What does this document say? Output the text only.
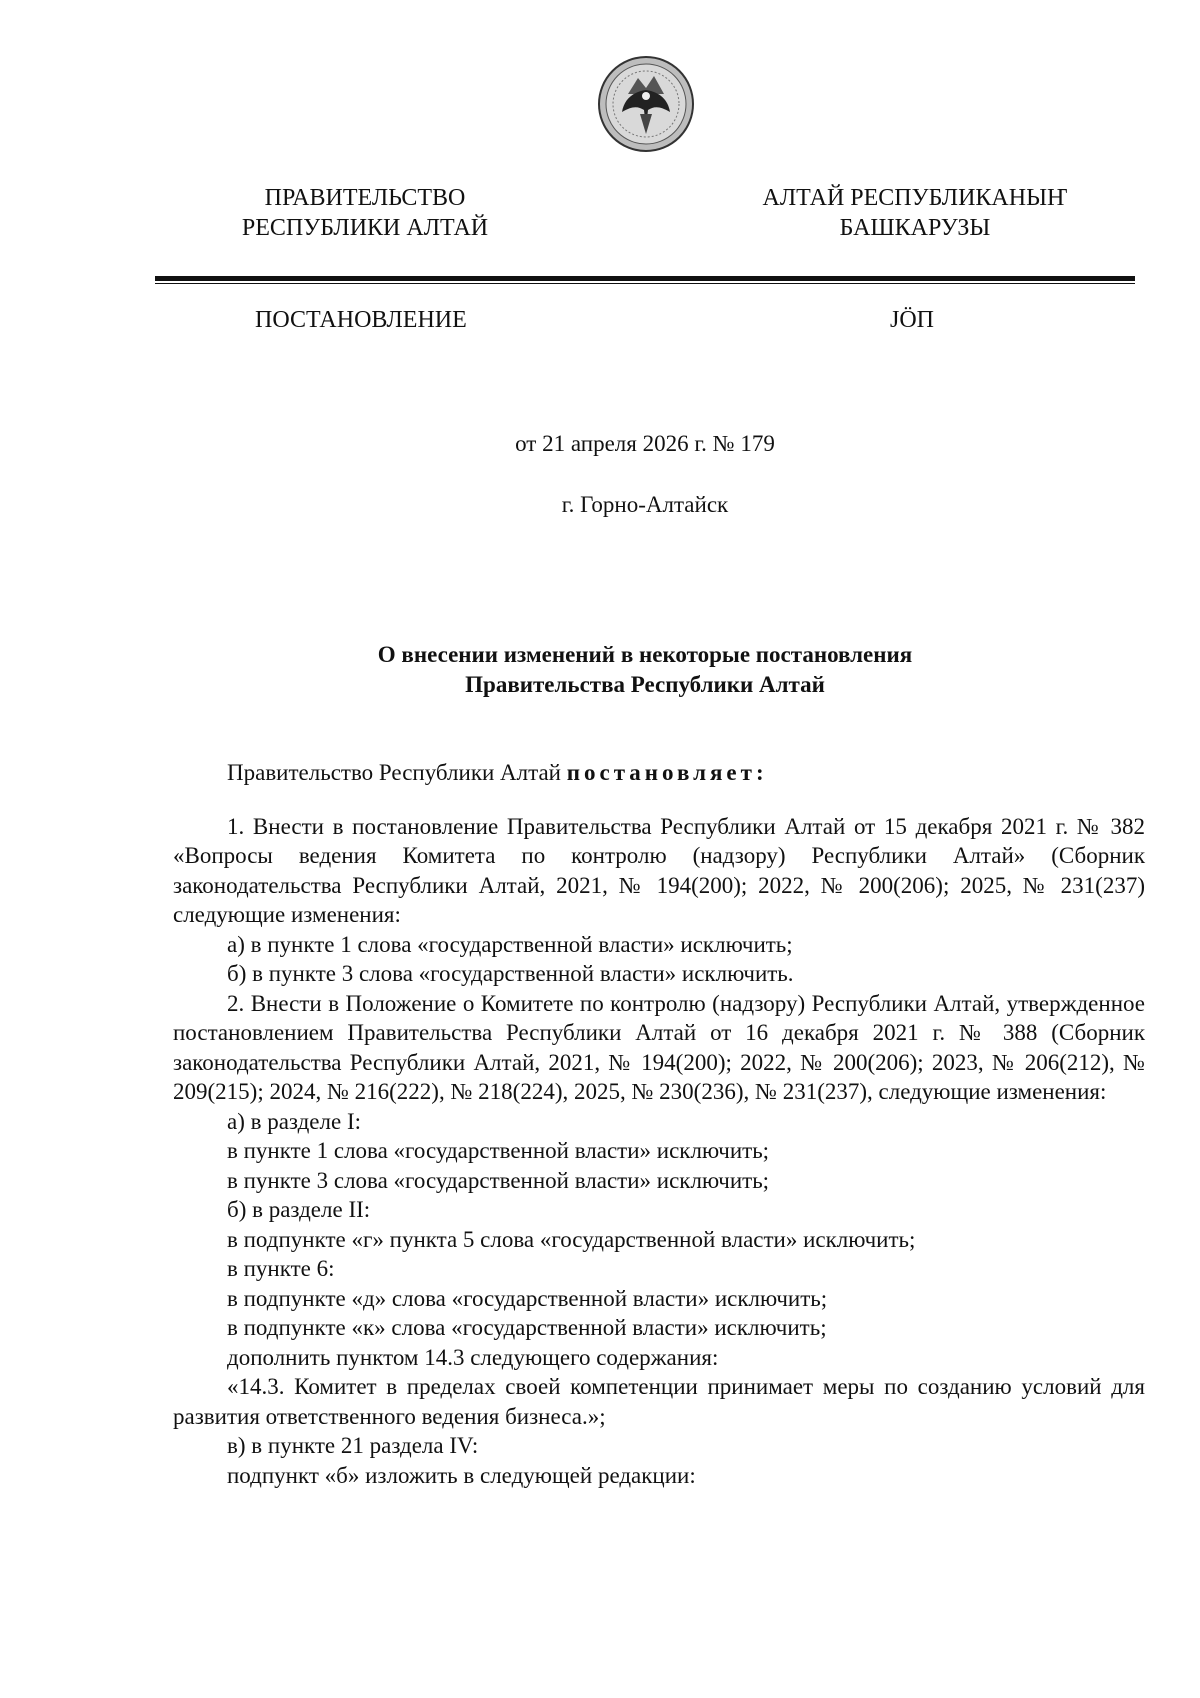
ПРАВИТЕЛЬСТВО
РЕСПУБЛИКИ АЛТАЙ
АЛТАЙ РЕСПУБЛИКАНЫҤ
БАШКАРУЗЫ
ПОСТАНОВЛЕНИЕ	JӦП
от 21 апреля 2026 г. № 179
г. Горно-Алтайск
О внесении изменений в некоторые постановления
Правительства Республики Алтай

Правительство Республики Алтай постановляет:

1. Внести в постановление Правительства Республики Алтай от 15 декабря 2021 г. № 382 «Вопросы ведения Комитета по контролю (надзору) Республики Алтай» (Сборник законодательства Республики Алтай, 2021, № 194(200); 2022, № 200(206); 2025, № 231(237) следующие изменения:

а) в пункте 1 слова «государственной власти» исключить;

б) в пункте 3 слова «государственной власти» исключить.

2. Внести в Положение о Комитете по контролю (надзору) Республики Алтай, утвержденное постановлением Правительства Республики Алтай от 16 декабря 2021 г. № 388 (Сборник законодательства Республики Алтай, 2021, № 194(200); 2022, № 200(206); 2023, № 206(212), № 209(215); 2024, № 216(222), № 218(224), 2025, № 230(236), № 231(237), следующие изменения:

а) в разделе I:

в пункте 1 слова «государственной власти» исключить;

в пункте 3 слова «государственной власти» исключить;

б) в разделе II:

в подпункте «г» пункта 5 слова «государственной власти» исключить;

в пункте 6:

в подпункте «д» слова «государственной власти» исключить;

в подпункте «к» слова «государственной власти» исключить;

дополнить пунктом 14.3 следующего содержания:

«14.3. Комитет в пределах своей компетенции принимает меры по созданию условий для развития ответственного ведения бизнеса.»;

в) в пункте 21 раздела IV:

подпункт «б» изложить в следующей редакции:
